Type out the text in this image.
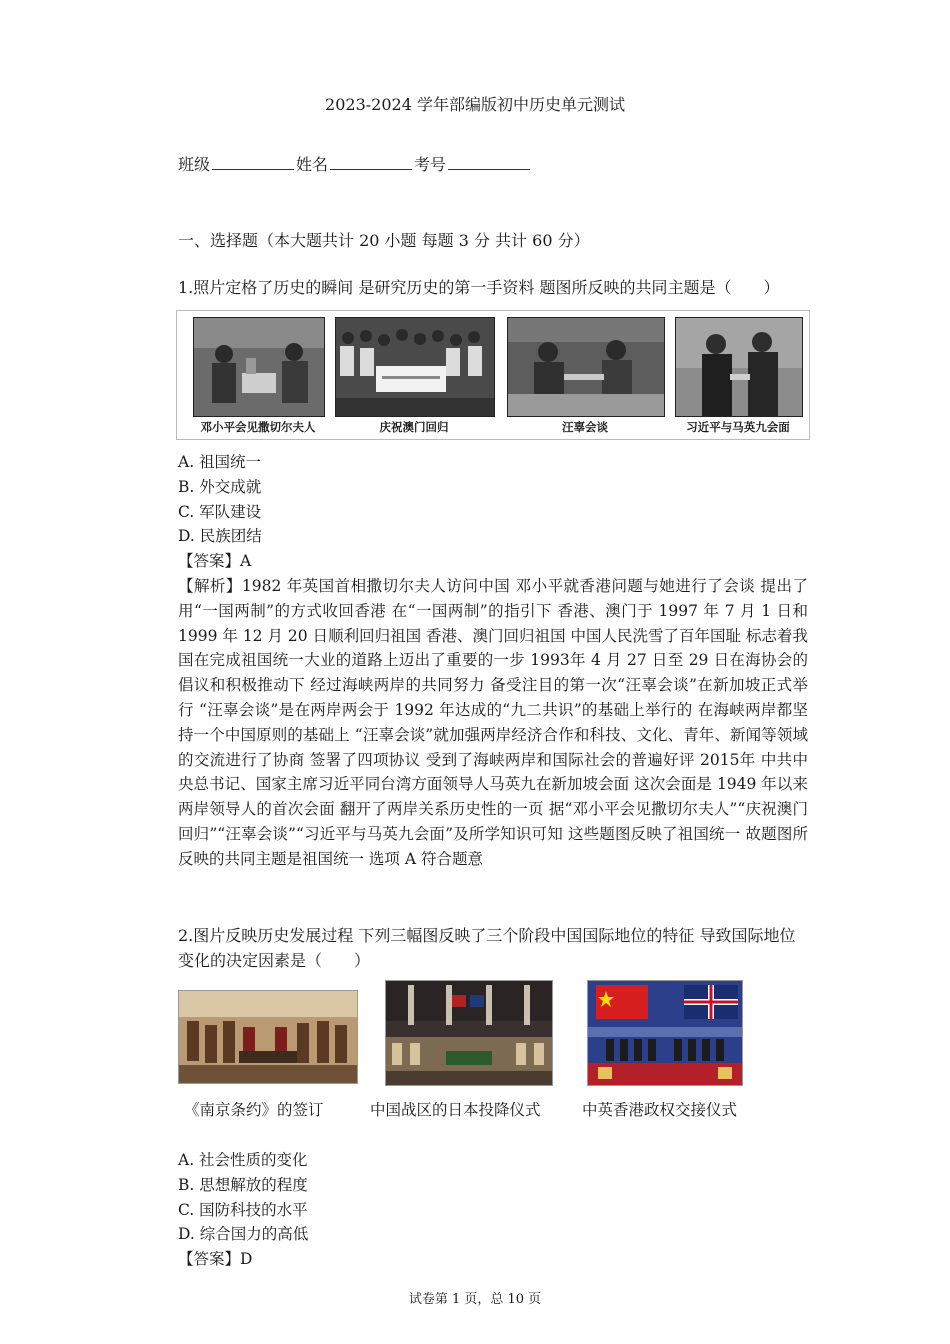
2023-2024 学年部编版初中历史单元测试
班级	姓名	考号
一、选择题（本大题共计 20 小题 每题 3 分 共计 60 分）
1.照片定格了历史的瞬间 是研究历史的第一手资料 题图所反映的共同主题是（　　）
邓小平会见撒切尔夫人	庆祝澳门回归	汪辜会谈	习近平与马英九会面
A. 祖国统一
B. 外交成就
C. 军队建设
D. 民族团结
【答案】A
【解析】1982 年英国首相撒切尔夫人访问中国 邓小平就香港问题与她进行了会谈 提出了用“一国两制”的方式收回香港 在“一国两制”的指引下 香港、澳门于 1997 年 7 月 1 日和 1999 年 12 月 20 日顺利回归祖国 香港、澳门回归祖国 中国人民洗雪了百年国耻 标志着我国在完成祖国统一大业的道路上迈出了重要的一步 1993年 4 月 27 日至 29 日在海协会的倡议和积极推动下 经过海峡两岸的共同努力 备受注目的第一次“汪辜会谈”在新加坡正式举行 “汪辜会谈”是在两岸两会于 1992 年达成的“九二共识”的基础上举行的 在海峡两岸都坚持一个中国原则的基础上 “汪辜会谈”就加强两岸经济合作和科技、文化、青年、新闻等领域的交流进行了协商 签署了四项协议 受到了海峡两岸和国际社会的普遍好评 2015年 中共中央总书记、国家主席习近平同台湾方面领导人马英九在新加坡会面 这次会面是 1949 年以来两岸领导人的首次会面 翻开了两岸关系历史性的一页 据“邓小平会见撒切尔夫人”“庆祝澳门回归”“汪辜会谈”“习近平与马英九会面”及所学知识可知 这些题图反映了祖国统一 故题图所反映的共同主题是祖国统一 选项 A 符合题意
2.图片反映历史发展过程 下列三幅图反映了三个阶段中国国际地位的特征 导致国际地位变化的决定因素是（　　）
《南京条约》的签订	中国战区的日本投降仪式	中英香港政权交接仪式
A. 社会性质的变化
B. 思想解放的程度
C. 国防科技的水平
D. 综合国力的高低
【答案】D
试卷第 1 页，总 10 页
